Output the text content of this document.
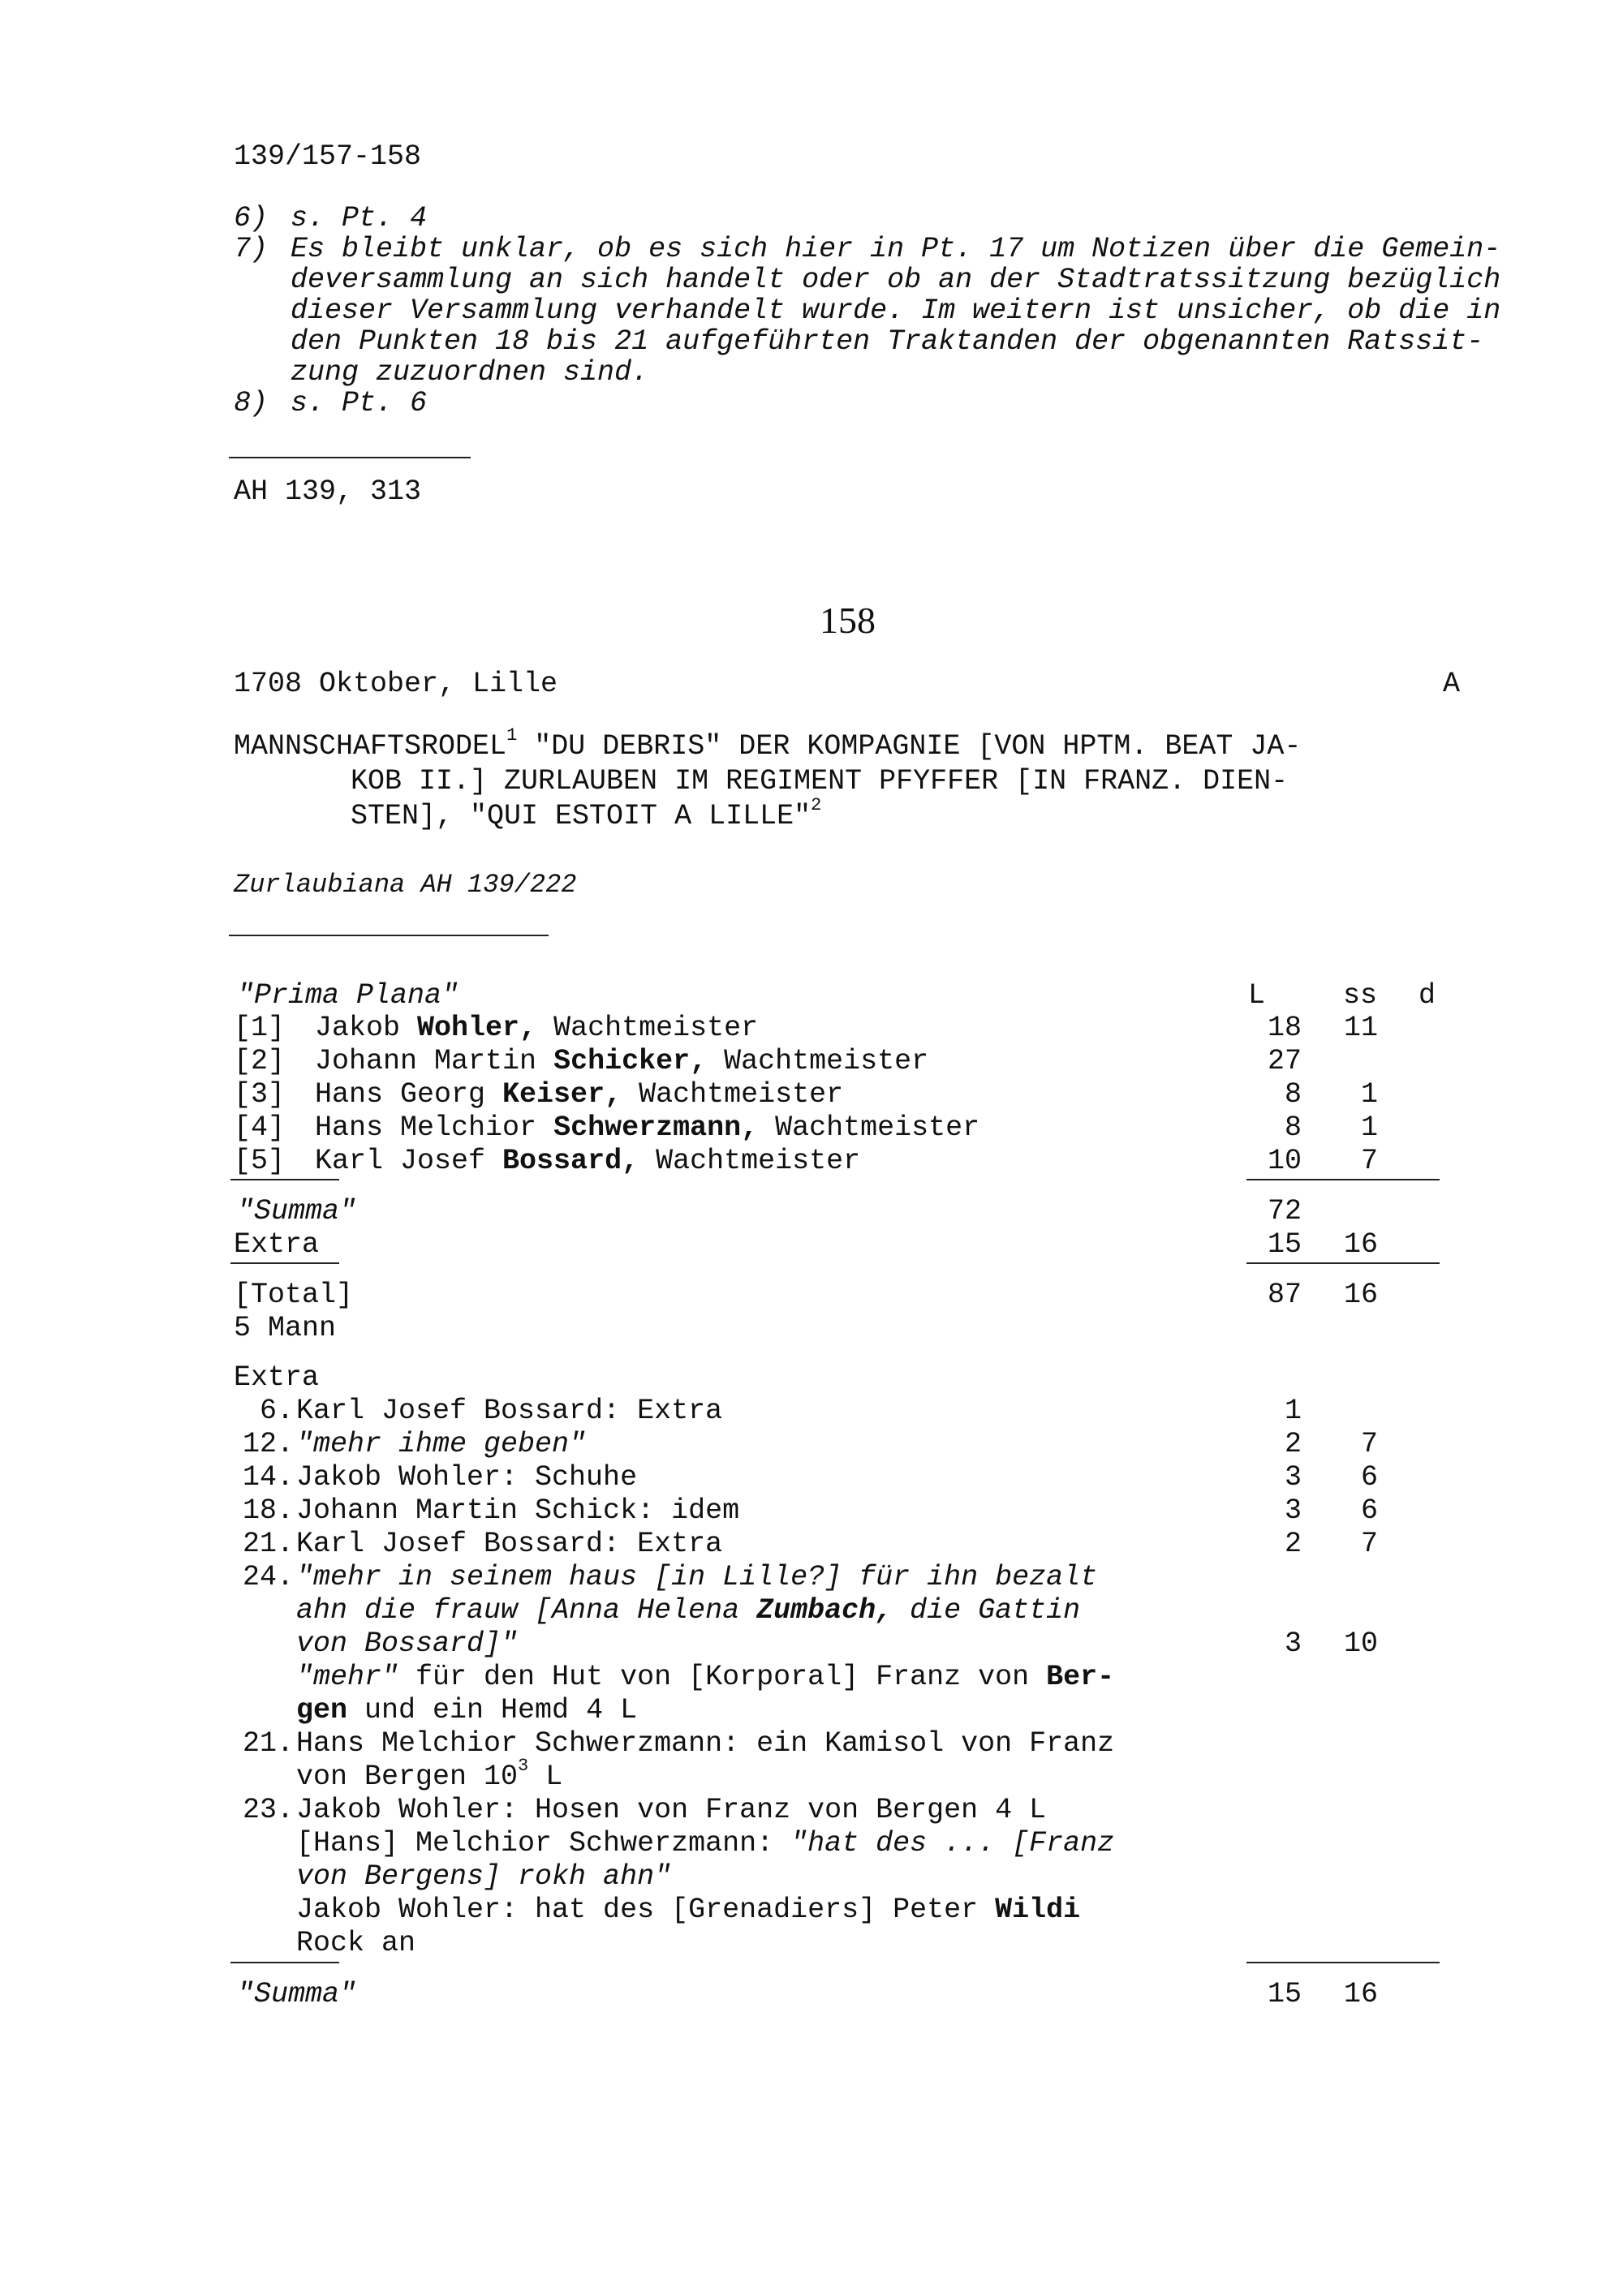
139/157-158
6) s. Pt. 4
7) Es bleibt unklar, ob es sich hier in Pt. 17 um Notizen über die Gemein-
deversammlung an sich handelt oder ob an der Stadtratssitzung bezüglich
dieser Versammlung verhandelt wurde. Im weitern ist unsicher, ob die in
den Punkten 18 bis 21 aufgeführten Traktanden der obgenannten Ratssit-
zung zuzuordnen sind.
8) s. Pt. 6
AH 139, 313
158
1708 Oktober, Lille	A
MANNSCHAFTSRODEL$^1$ "DU DEBRIS" DER KOMPAGNIE [VON HPTM. BEAT JA-
KOB II.] ZURLAUBEN IM REGIMENT PFYFFER [IN FRANZ. DIEN-
STEN], "QUI ESTOIT A LILLE"$^2$
Zurlaubiana AH 139/222
"Prima Plana"	L	ss d
[1] Jakob Wohler, Wachtmeister	18 11
[2] Johann Martin Schicker, Wachtmeister	27
[3] Hans Georg Keiser, Wachtmeister	8 1
[4] Hans Melchior Schwerzmann, Wachtmeister	8 1
[5] Karl Josef Bossard, Wachtmeister	10 7
"Summa"	72
Extra	15 16
[Total]	87 16
5 Mann
Extra
6. Karl Josef Bossard: Extra	1
12. "mehr ihme geben"	2 7
14. Jakob Wohler: Schuhe	3 6
18. Johann Martin Schick: idem	3 6
21. Karl Josef Bossard: Extra	2 7
24. "mehr in seinem haus [in Lille?] für ihn bezalt
ahn die frauw [Anna Helena Zumbach, die Gattin
von Bossard]"	3 10
"mehr" für den Hut von [Korporal] Franz von Ber-
gen und ein Hemd 4 L
21. Hans Melchior Schwerzmann: ein Kamisol von Franz
von Bergen $10^3$ L
23. Jakob Wohler: Hosen von Franz von Bergen 4 L
[Hans] Melchior Schwerzmann: "hat des ... [Franz
von Bergens] rokh ahn"
Jakob Wohler: hat des [Grenadiers] Peter Wildi
Rock an
"Summa"	15 16
